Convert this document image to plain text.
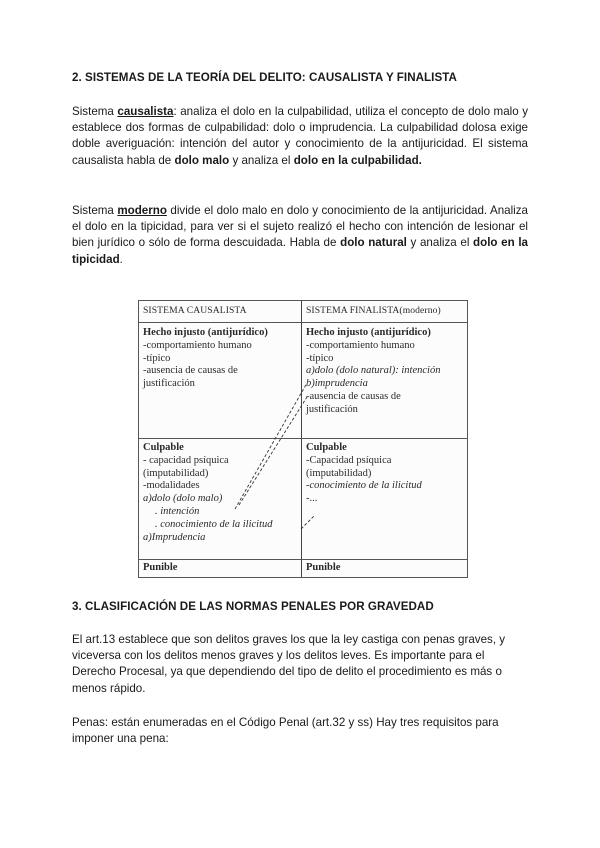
2. SISTEMAS DE LA TEORÍA DEL DELITO: CAUSALISTA Y FINALISTA
Sistema causalista: analiza el dolo en la culpabilidad, utiliza el concepto de dolo malo y establece dos formas de culpabilidad: dolo o imprudencia. La culpabilidad dolosa exige doble averiguación: intención del autor y conocimiento de la antijuricidad. El sistema causalista habla de dolo malo y analiza el dolo en la culpabilidad.
Sistema moderno divide el dolo malo en dolo y conocimiento de la antijuricidad. Analiza el dolo en la tipicidad, para ver si el sujeto realizó el hecho con intención de lesionar el bien jurídico o sólo de forma descuidada. Habla de dolo natural y analiza el dolo en la tipicidad.
SISTEMA CAUSALISTA	SISTEMA FINALISTA(moderno)
Hecho injusto (antijurídico)
-comportamiento humano
-típico
-ausencia de causas de
justificación
Hecho injusto (antijurídico)
-comportamiento humano
-típico
a)dolo (dolo natural): intención
b)imprudencia
-ausencia de causas de
justificación
Culpable
- capacidad psíquica
(imputabilidad)
-modalidades
a)dolo (dolo malo)
. intención
. conocimiento de la ilicitud
a)Imprudencia
Culpable
-Capacidad psíquica
(imputabilidad)
-conocimiento de la ilicitud
-...
Punible	Punible
3. CLASIFICACIÓN DE LAS NORMAS PENALES POR GRAVEDAD
El art.13 establece que son delitos graves los que la ley castiga con penas graves, y viceversa con los delitos menos graves y los delitos leves. Es importante para el Derecho Procesal, ya que dependiendo del tipo de delito el procedimiento es más o menos rápido.
Penas: están enumeradas en el Código Penal (art.32 y ss) Hay tres requisitos para imponer una pena:
